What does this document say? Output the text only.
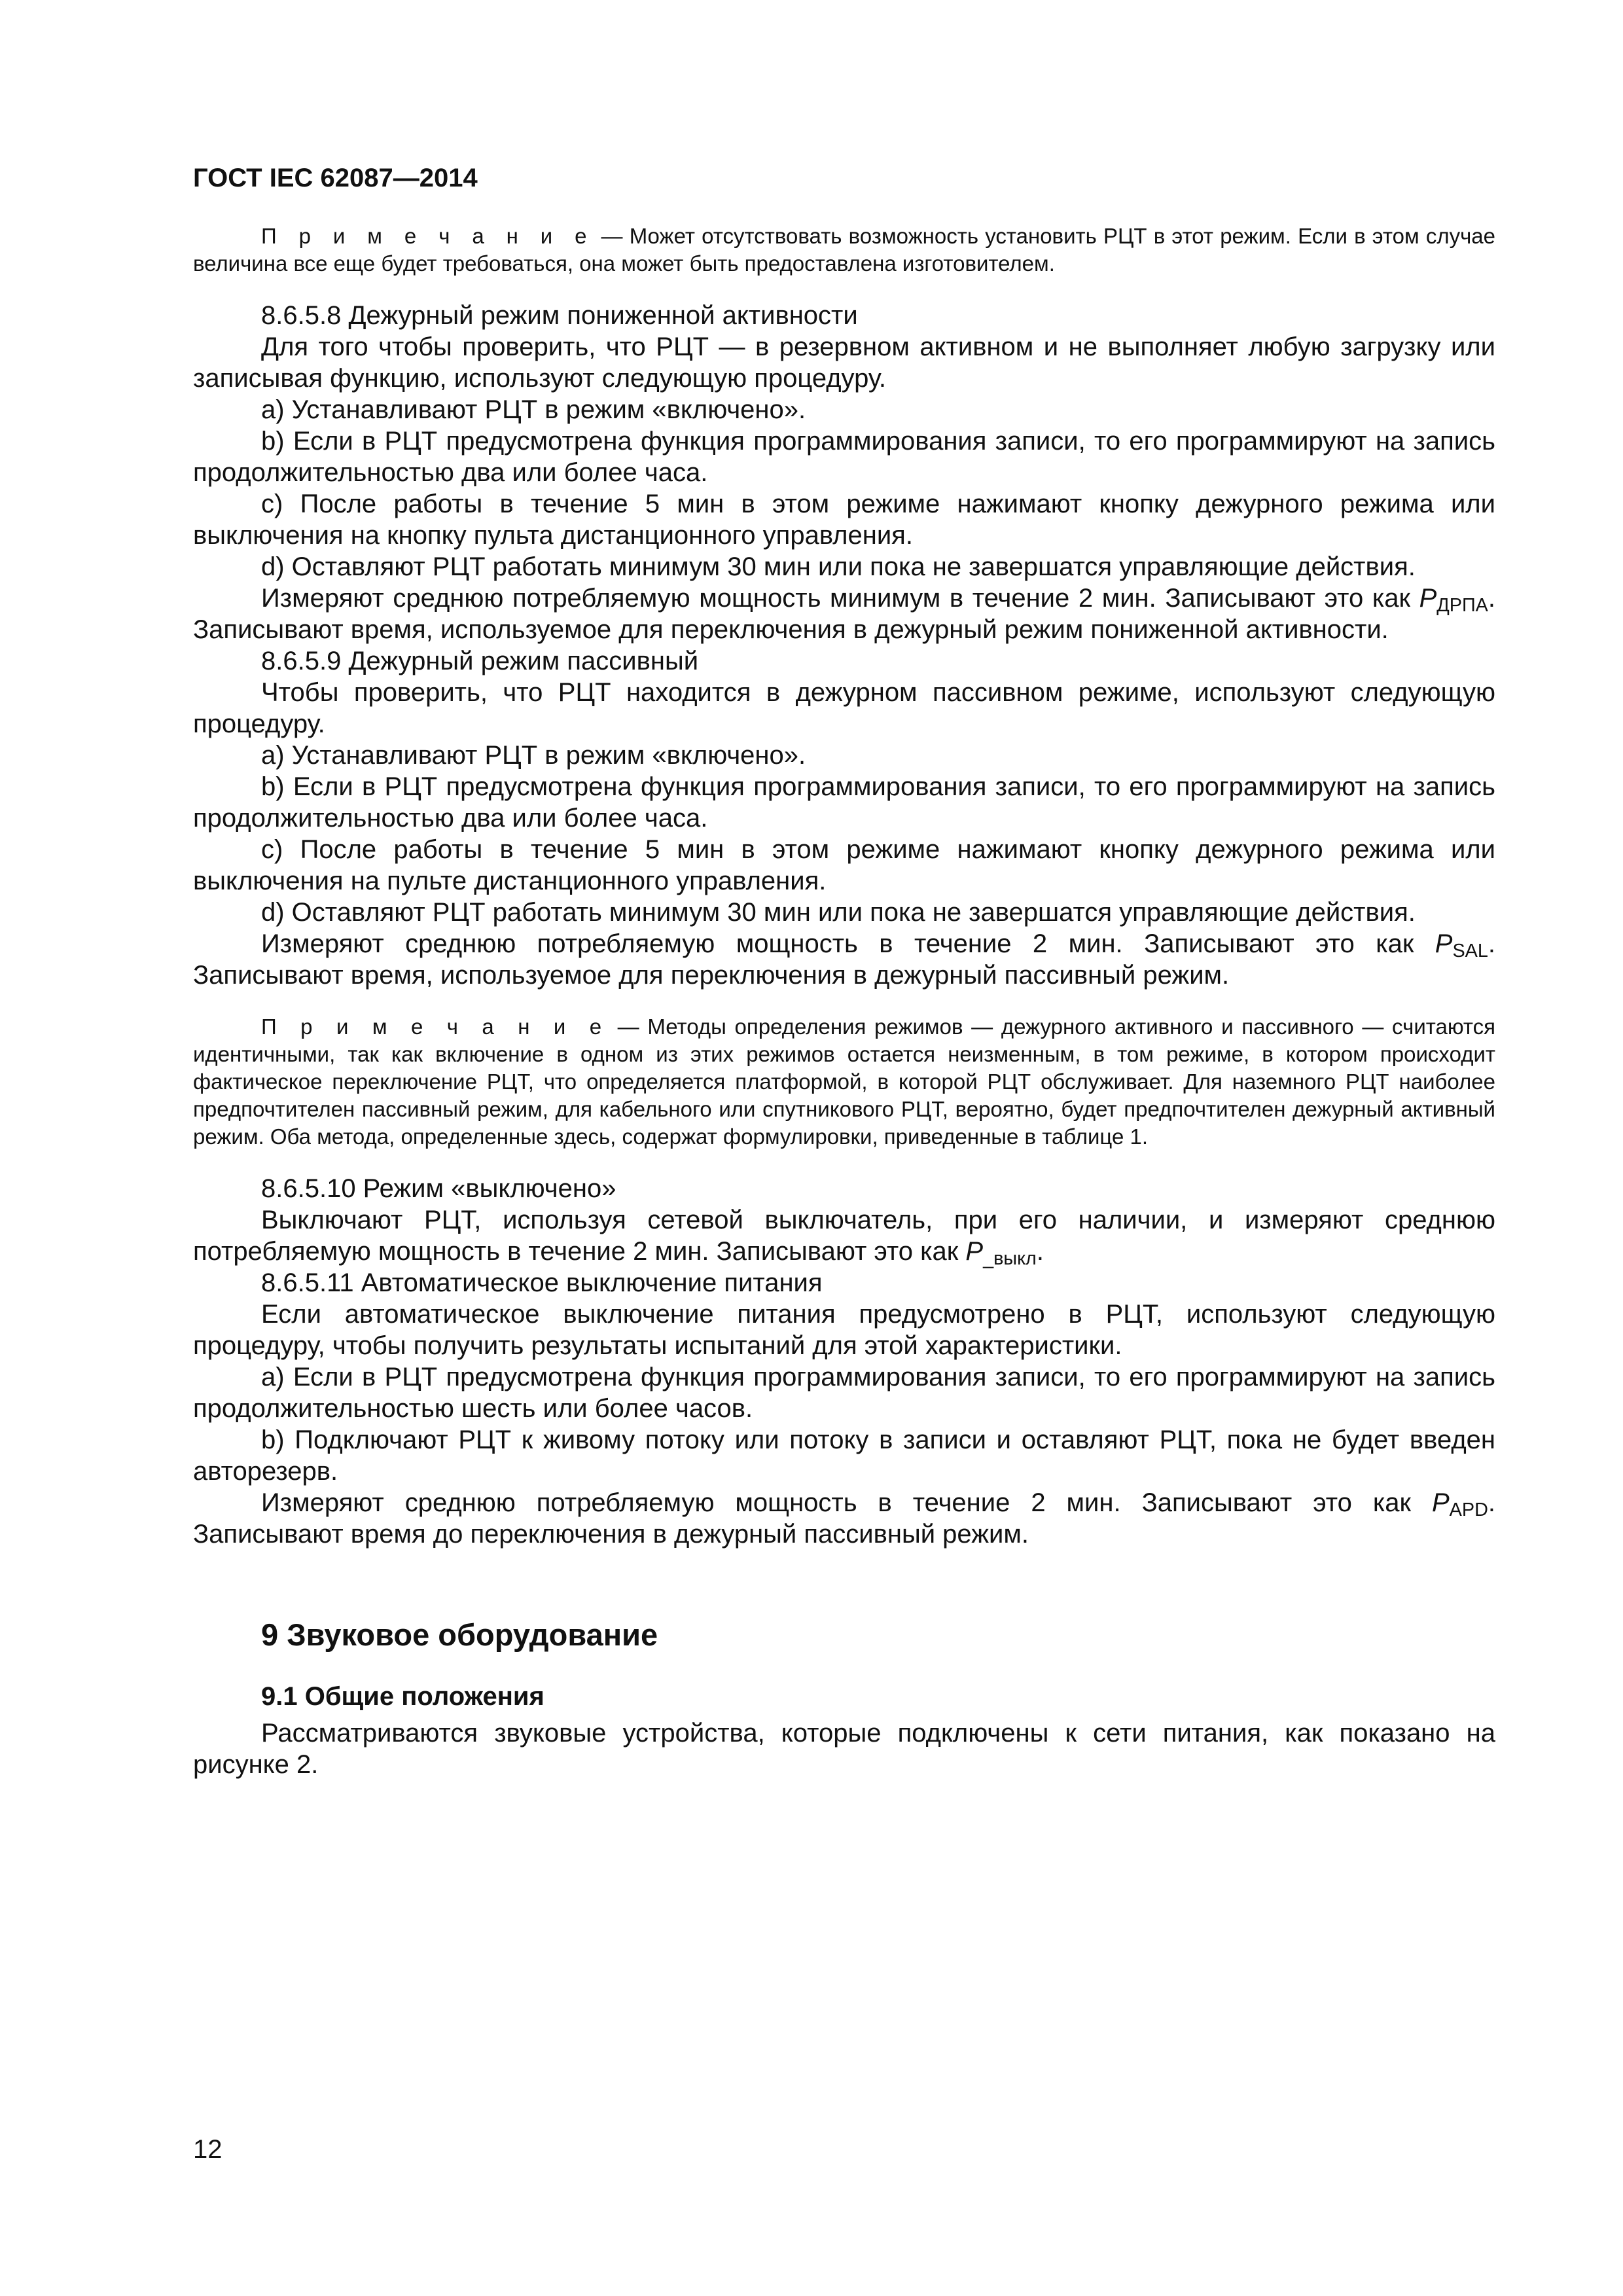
ГОСТ IEC 62087—2014

П р и м е ч а н и е — Может отсутствовать возможность установить РЦТ в этот режим. Если в этом случае величина все еще будет требоваться, она может быть предоставлена изготовителем.

8.6.5.8 Дежурный режим пониженной активности

Для того чтобы проверить, что РЦТ — в резервном активном и не выполняет любую загрузку или записывая функцию, используют следующую процедуру.

а) Устанавливают РЦТ в режим «включено».

b) Если в РЦТ предусмотрена функция программирования записи, то его программируют на запись продолжительностью два или более часа.

c) После работы в течение 5 мин в этом режиме нажимают кнопку дежурного режима или выключения на кнопку пульта дистанционного управления.

d) Оставляют РЦТ работать минимум 30 мин или пока не завершатся управляющие действия.

Измеряют среднюю потребляемую мощность минимум в течение 2 мин. Записывают это как $P_{ДРПА}$. Записывают время, используемое для переключения в дежурный режим пониженной активности.

8.6.5.9 Дежурный режим пассивный

Чтобы проверить, что РЦТ находится в дежурном пассивном режиме, используют следующую процедуру.

а) Устанавливают РЦТ в режим «включено».

b) Если в РЦТ предусмотрена функция программирования записи, то его программируют на запись продолжительностью два или более часа.

c) После работы в течение 5 мин в этом режиме нажимают кнопку дежурного режима или выключения на пульте дистанционного управления.

d) Оставляют РЦТ работать минимум 30 мин или пока не завершатся управляющие действия.

Измеряют среднюю потребляемую мощность в течение 2 мин. Записывают это как $P_{SAL}$. Записывают время, используемое для переключения в дежурный пассивный режим.

П р и м е ч а н и е — Методы определения режимов — дежурного активного и пассивного — считаются идентичными, так как включение в одном из этих режимов остается неизменным, в том режиме, в котором происходит фактическое переключение РЦТ, что определяется платформой, в которой РЦТ обслуживает. Для наземного РЦТ наиболее предпочтителен пассивный режим, для кабельного или спутникового РЦТ, вероятно, будет предпочтителен дежурный активный режим. Оба метода, определенные здесь, содержат формулировки, приведенные в таблице 1.

8.6.5.10 Режим «выключено»

Выключают РЦТ, используя сетевой выключатель, при его наличии, и измеряют среднюю потребляемую мощность в течение 2 мин. Записывают это как $P_{\_выкл}$.

8.6.5.11 Автоматическое выключение питания

Если автоматическое выключение питания предусмотрено в РЦТ, используют следующую процедуру, чтобы получить результаты испытаний для этой характеристики.

а) Если в РЦТ предусмотрена функция программирования записи, то его программируют на запись продолжительностью шесть или более часов.

b) Подключают РЦТ к живому потоку или потоку в записи и оставляют РЦТ, пока не будет введен авторезерв.

Измеряют среднюю потребляемую мощность в течение 2 мин. Записывают это как $P_{APD}$. Записывают время до переключения в дежурный пассивный режим.

9 Звуковое оборудование
9.1 Общие положения

Рассматриваются звуковые устройства, которые подключены к сети питания, как показано на рисунке 2.

12
